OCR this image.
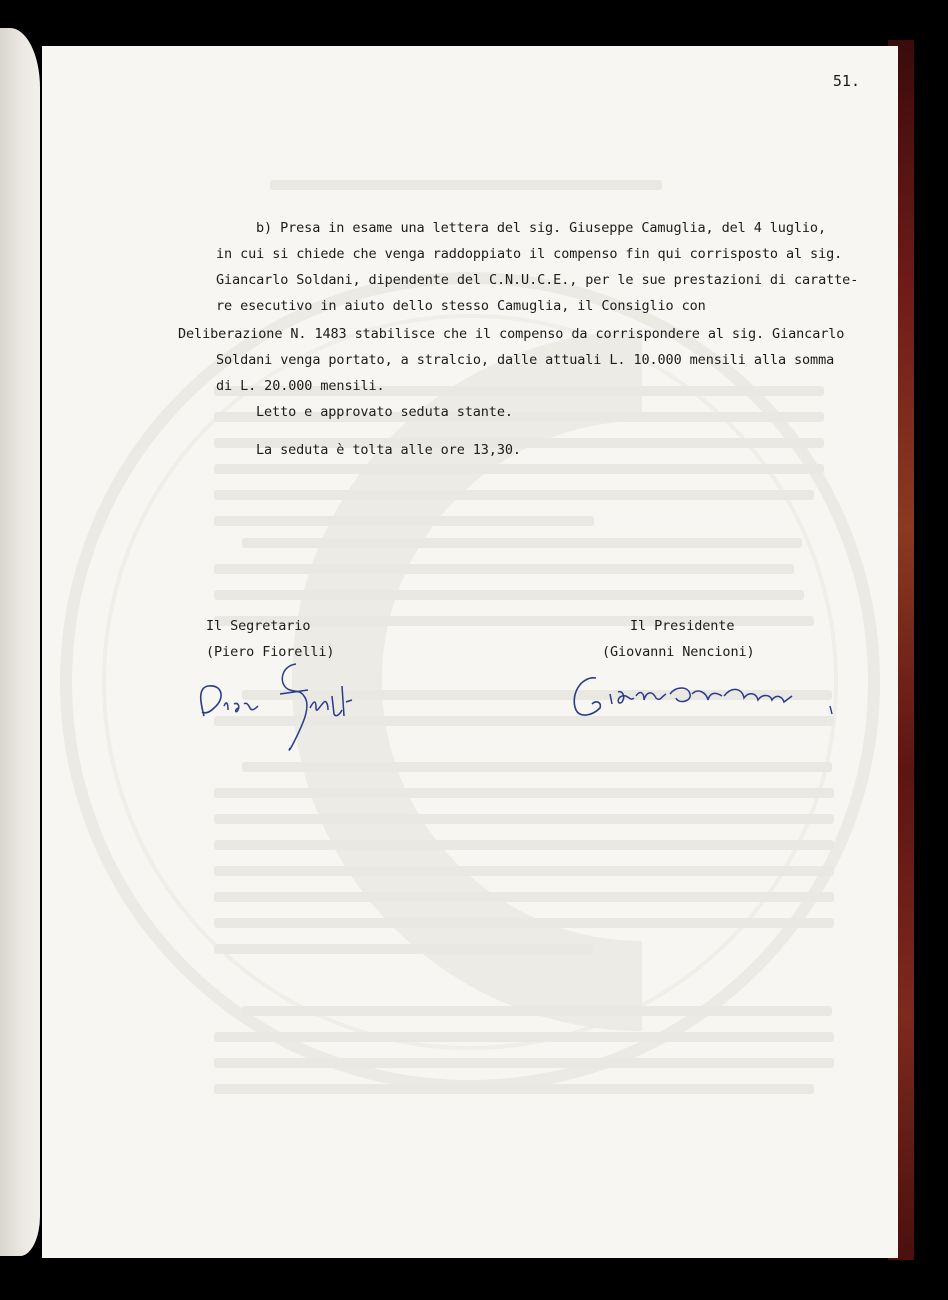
51.
b) Presa in esame una lettera del sig. Giuseppe Camuglia, del 4 luglio,
in cui si chiede che venga raddoppiato il compenso fin qui corrisposto al sig.
Giancarlo Soldani, dipendente del C.N.U.C.E., per le sue prestazioni di caratte-
re esecutivo in aiuto dello stesso Camuglia, il Consiglio con
Deliberazione N. 1483 stabilisce che il compenso da corrispondere al sig. Giancarlo
Soldani venga portato, a stralcio, dalle attuali L. 10.000 mensili alla somma
di L. 20.000 mensili.
Letto e approvato seduta stante.
La seduta è tolta alle ore 13,30.
Il Segretario
(Piero Fiorelli)
Il Presidente
(Giovanni Nencioni)
